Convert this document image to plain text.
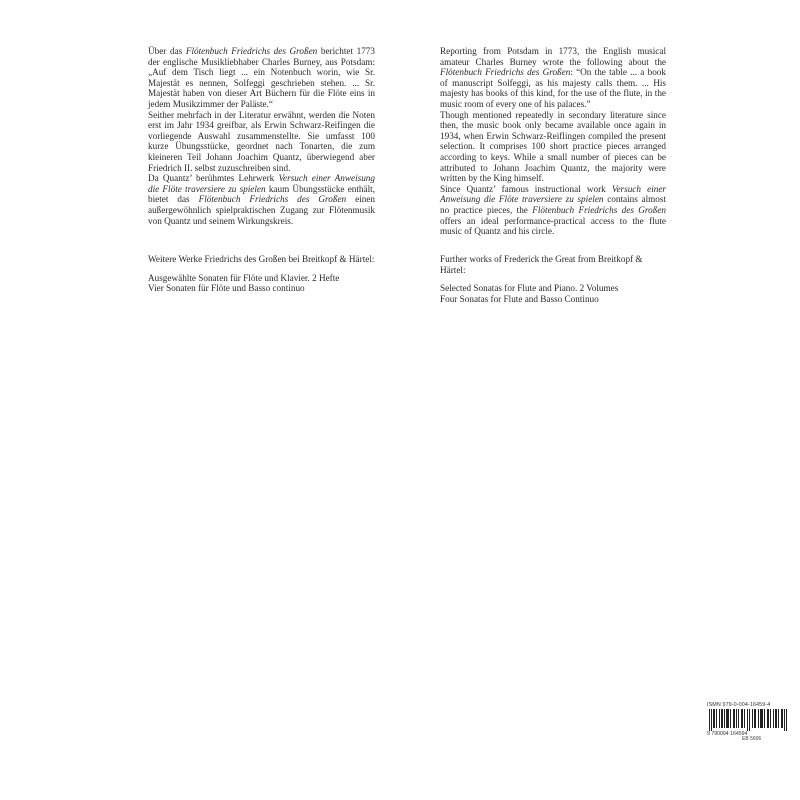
Über das Flötenbuch Friedrichs des Großen berichtet 1773 der englische Musikliebhaber Charles Burney, aus Potsdam: „Auf dem Tisch liegt ... ein Notenbuch worin, wie Sr. Majestät es nennen, Solfeggi geschrieben stehen. ... Sr. Majestät haben von dieser Art Büchern für die Flöte eins in jedem Musikzimmer der Paläste.“

Seither mehrfach in der Literatur erwähnt, werden die Noten erst im Jahr 1934 greifbar, als Erwin Schwarz-Reifingen die vorliegende Auswahl zusammenstellte. Sie umfasst 100 kurze Übungsstücke, geordnet nach Tonarten, die zum kleineren Teil Johann Joachim Quantz, überwiegend aber Friedrich II. selbst zuzuschreiben sind.

Da Quantz’ berühmtes Lehrwerk Versuch einer Anweisung die Flöte traversiere zu spielen kaum Übungsstücke enthält, bietet das Flötenbuch Friedrichs des Großen einen außergewöhnlich spielpraktischen Zugang zur Flötenmusik von Quantz und seinem Wirkungskreis.

Reporting from Potsdam in 1773, the English musical amateur Charles Burney wrote the following about the Flötenbuch Friedrichs des Großen: “On the table ... a book of manuscript Solfeggi, as his majesty calls them. ... His majesty has books of this kind, for the use of the flute, in the music room of every one of his palaces.”

Though mentioned repeatedly in secondary literature since then, the music book only became available once again in 1934, when Erwin Schwarz-Reiflingen compiled the present selection. It comprises 100 short practice pieces arranged according to keys. While a small number of pieces can be attributed to Johann Joachim Quantz, the majority were written by the King himself.

Since Quantz’ famous instructional work Versuch einer Anweisung die Flöte traversiere zu spielen contains almost no practice pieces, the Flötenbuch Friedrichs des Großen offers an ideal performance-practical access to the flute music of Quantz and his circle.

Weitere Werke Friedrichs des Großen bei Breitkopf & Härtel:

Ausgewählte Sonaten für Flöte und Klavier. 2 Hefte

Vier Sonaten für Flöte und Basso continuo

Further works of Frederick the Great from Breitkopf & Härtel:

Selected Sonatas for Flute and Piano. 2 Volumes

Four Sonatas for Flute and Basso Continuo

ISMN 979-0-004-16459-4
9 790004 164594
EB 5606
